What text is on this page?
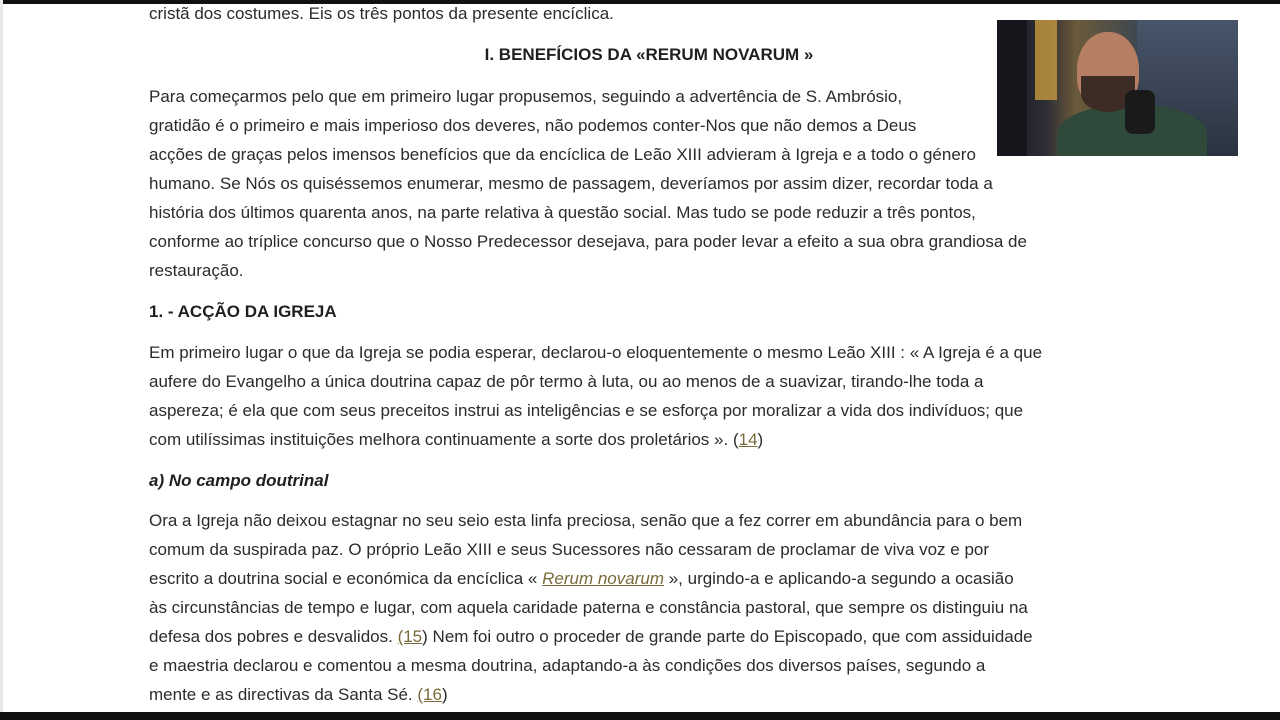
cristã dos costumes. Eis os três pontos da presente encíclica.
I. BENEFÍCIOS DA «RERUM NOVARUM »
Para começarmos pelo que em primeiro lugar propusemos, seguindo a advertência de S. Ambrósio,
gratidão é o primeiro e mais imperioso dos deveres, não podemos conter-Nos que não demos a Deus
acções de graças pelos imensos benefícios que da encíclica de Leão XIII advieram à Igreja e a todo o género
humano. Se Nós os quiséssemos enumerar, mesmo de passagem, deveríamos por assim dizer, recordar toda a
história dos últimos quarenta anos, na parte relativa à questão social. Mas tudo se pode reduzir a três pontos,
conforme ao tríplice concurso que o Nosso Predecessor desejava, para poder levar a efeito a sua obra grandiosa de
restauração.
1. - ACÇÃO DA IGREJA
Em primeiro lugar o que da Igreja se podia esperar, declarou-o eloquentemente o mesmo Leão XIII : « A Igreja é a que
aufere do Evangelho a única doutrina capaz de pôr termo à luta, ou ao menos de a suavizar, tirando-lhe toda a
aspereza; é ela que com seus preceitos instrui as inteligências e se esforça por moralizar a vida dos indivíduos; que
com utilíssimas instituições melhora continuamente a sorte dos proletários ». (14)
a) No campo doutrinal
Ora a Igreja não deixou estagnar no seu seio esta linfa preciosa, senão que a fez correr em abundância para o bem
comum da suspirada paz. O próprio Leão XIII e seus Sucessores não cessaram de proclamar de viva voz e por
escrito a doutrina social e económica da encíclica « Rerum novarum », urgindo-a e aplicando-a segundo a ocasião
às circunstâncias de tempo e lugar, com aquela caridade paterna e constância pastoral, que sempre os distinguiu na
defesa dos pobres e desvalidos. (15) Nem foi outro o proceder de grande parte do Episcopado, que com assiduidade
e maestria declarou e comentou a mesma doutrina, adaptando-a às condições dos diversos países, segundo a
mente e as directivas da Santa Sé. (16)
